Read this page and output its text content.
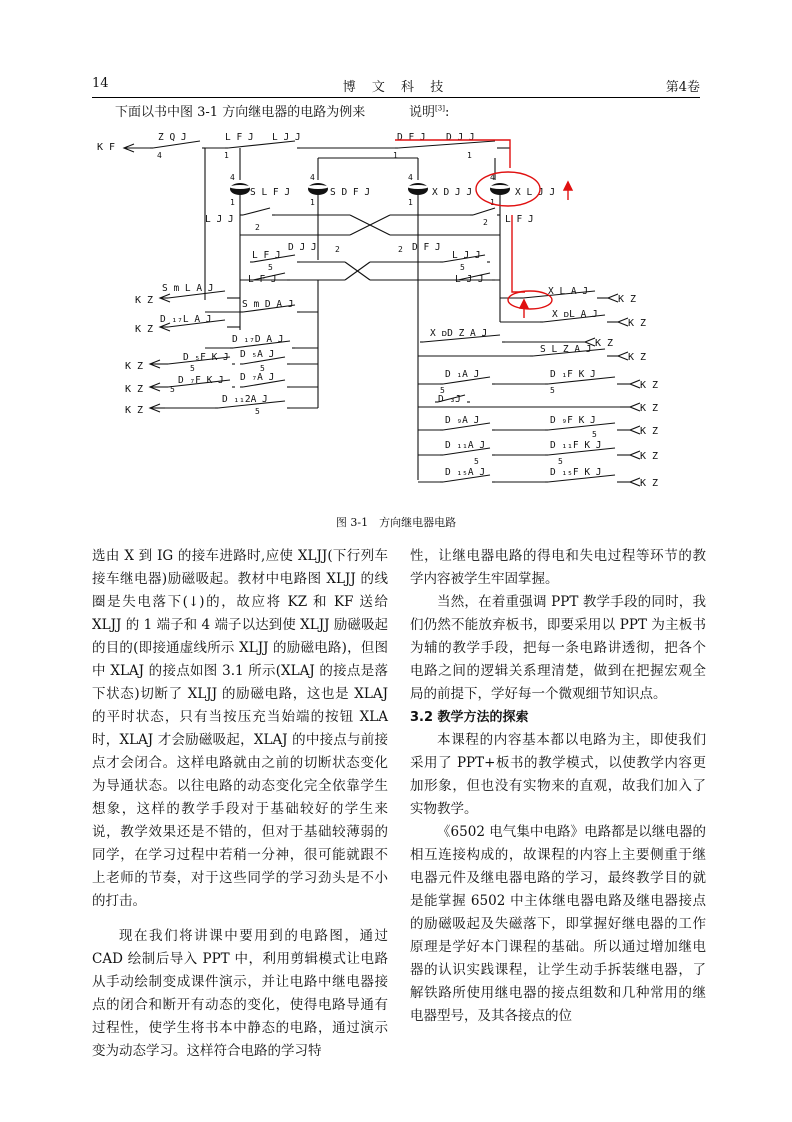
14	博 文 科 技	第4卷
下面以书中图 3-1 方向继电器的电路为例来	说明[3]:
K F
Z Q J
4
L F J L J J
1
D F J D J J
1	1
S L F J	S D F J	X D J J	X L J J
4	4	4	4
1	1	1	1
L J J
2
L F J
2
L F J
D J J	D F J
L J J
L F J	L J J
5	5
2	2
K Z
K Z
K Z
K Z
K Z
S m L A J
S m D A J
D ₁₇L A J
D ₁₇D A J
D ₅F K J D ₅A J
D ₇F K J D ₇A J
D ₁₁2A J
5	5
5
5
X L A J
K Z
X ᴅL A J
K Z
X ᴅD Z A J
K Z
S L Z A J
K Z
D ₁A J	D ₁F K J
K Z
K Z
D ₉A J	D ₉F K J
K Z
D ₁₁A J	D ₁₁F K J
K Z
D ₁₅A J	D ₁₅F K J
K Z
D ₃J
5
5
5
5	5
图 3-1　方向继电器电路

选由 X 到 IG 的接车进路时,应使 XLJJ(下行列车接车继电器)励磁吸起。教材中电路图 XLJJ 的线圈是失电落下(↓)的，故应将 KZ 和 KF 送给 XLJJ 的 1 端子和 4 端子以达到使 XLJJ 励磁吸起的目的(即接通虚线所示 XLJJ 的励磁电路)，但图中 XLAJ 的接点如图 3.1 所示(XLAJ 的接点是落下状态)切断了 XLJJ 的励磁电路，这也是 XLAJ 的平时状态，只有当按压充当始端的按钮 XLA 时，XLAJ 才会励磁吸起，XLAJ 的中接点与前接点才会闭合。这样电路就由之前的切断状态变化为导通状态。以往电路的动态变化完全依靠学生想象，这样的教学手段对于基础较好的学生来说，教学效果还是不错的，但对于基础较薄弱的同学，在学习过程中若稍一分神，很可能就跟不上老师的节奏，对于这些同学的学习劲头是不小的打击。

现在我们将讲课中要用到的电路图，通过 CAD 绘制后导入 PPT 中，利用剪辑模式让电路从手动绘制变成课件演示，并让电路中继电器接点的闭合和断开有动态的变化，使得电路导通有过程性，使学生将书本中静态的电路，通过演示变为动态学习。这样符合电路的学习特

性，让继电器电路的得电和失电过程等环节的教学内容被学生牢固掌握。

当然，在着重强调 PPT 教学手段的同时，我们仍然不能放弃板书，即要采用以 PPT 为主板书为辅的教学手段，把每一条电路讲透彻，把各个电路之间的逻辑关系理清楚，做到在把握宏观全局的前提下，学好每一个微观细节知识点。

3.2 教学方法的探索

本课程的内容基本都以电路为主，即使我们采用了 PPT+板书的教学模式，以使教学内容更加形象，但也没有实物来的直观，故我们加入了实物教学。

《6502 电气集中电路》电路都是以继电器的相互连接构成的，故课程的内容上主要侧重于继电器元件及继电器电路的学习，最终教学目的就是能掌握 6502 中主体继电器电路及继电器接点的励磁吸起及失磁落下，即掌握好继电器的工作原理是学好本门课程的基础。所以通过增加继电器的认识实践课程，让学生动手拆装继电器，了解铁路所使用继电器的接点组数和几种常用的继电器型号，及其各接点的位
